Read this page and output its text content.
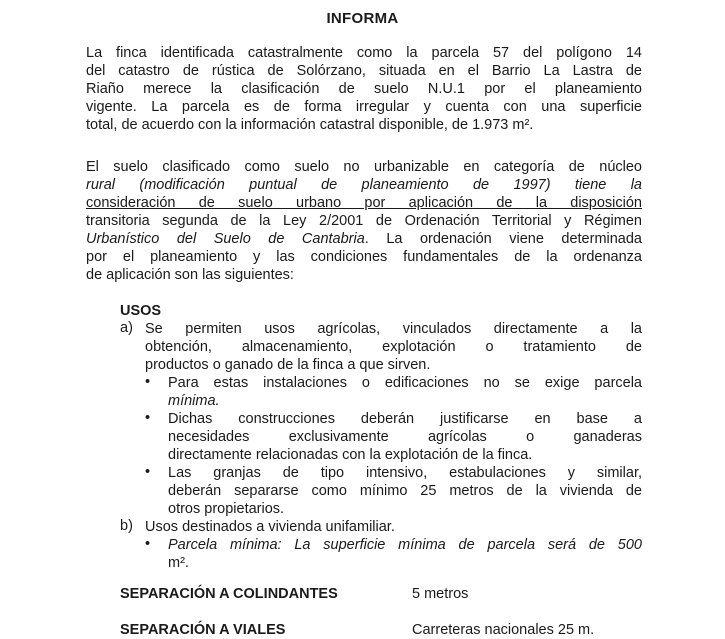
INFORMA
La finca identificada catastralmente como la parcela 57 del polígono 14
del catastro de rústica de Solórzano, situada en el Barrio La Lastra de
Riaño merece la clasificación de suelo N.U.1 por el planeamiento
vigente. La parcela es de forma irregular y cuenta con una superficie
total, de acuerdo con la información catastral disponible, de 1.973 m².
El suelo clasificado como suelo no urbanizable en categoría de núcleo
rural (modificación puntual de planeamiento de 1997) tiene la
consideración de suelo urbano por aplicación de la disposición
transitoria segunda de la Ley 2/2001 de Ordenación Territorial y Régimen
Urbanístico del Suelo de Cantabria. La ordenación viene determinada
por el planeamiento y las condiciones fundamentales de la ordenanza
de aplicación son las siguientes:
USOS
a) Se permiten usos agrícolas, vinculados directamente a la
obtención, almacenamiento, explotación o tratamiento de
productos o ganado de la finca a que sirven.
• Para estas instalaciones o edificaciones no se exige parcela
mínima.
• Dichas construcciones deberán justificarse en base a
necesidades exclusivamente agrícolas o ganaderas
directamente relacionadas con la explotación de la finca.
• Las granjas de tipo intensivo, estabulaciones y similar,
deberán separarse como mínimo 25 metros de la vivienda de
otros propietarios.
b) Usos destinados a vivienda unifamiliar.
• Parcela mínima: La superficie mínima de parcela será de 500
m².
SEPARACIÓN A COLINDANTES	5 metros
SEPARACIÓN A VIALES	Carreteras nacionales 25 m.
